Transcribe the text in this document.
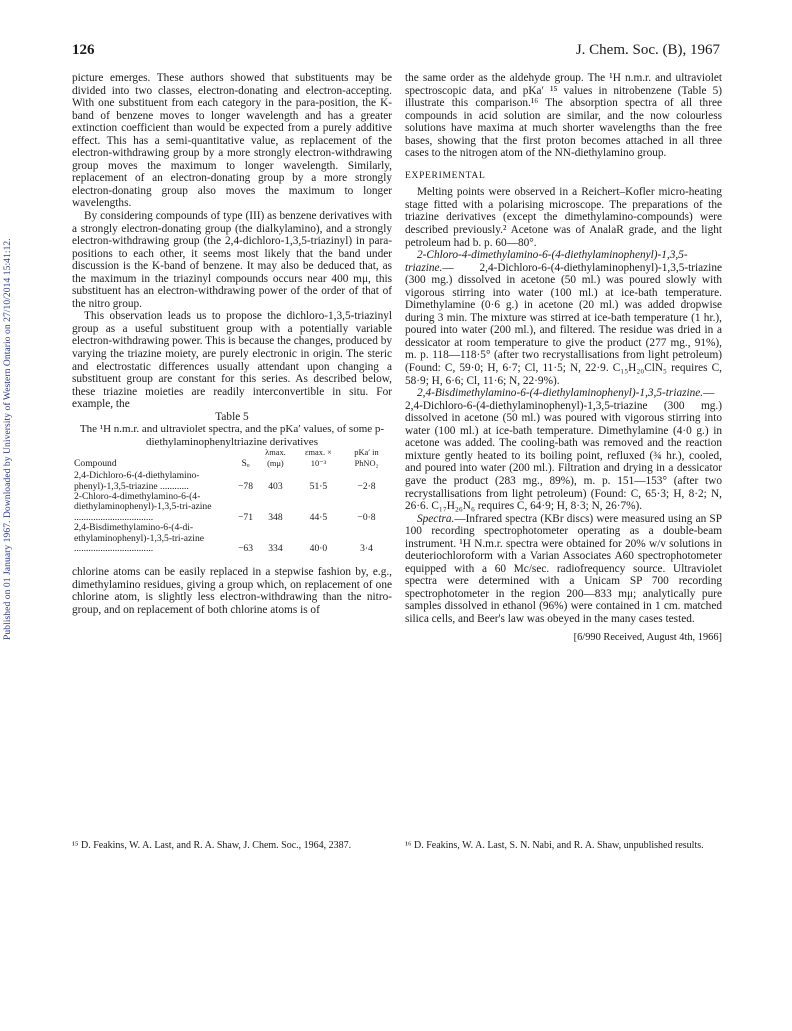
Published on 01 January 1967. Downloaded by University of Western Ontario on 27/10/2014 15:41:12.
126	J. Chem. Soc. (B), 1967

picture emerges. These authors showed that substituents may be divided into two classes, electron-donating and electron-accepting. With one substituent from each category in the para-position, the K-band of benzene moves to longer wavelength and has a greater extinction coefficient than would be expected from a purely additive effect. This has a semi-quantitative value, as replacement of the electron-withdrawing group by a more strongly electron-withdrawing group moves the maximum to longer wavelength. Similarly, replacement of an electron-donating group by a more strongly electron-donating group also moves the maximum to longer wavelengths.

By considering compounds of type (III) as benzene derivatives with a strongly electron-donating group (the dialkylamino), and a strongly electron-withdrawing group (the 2,4-dichloro-1,3,5-triazinyl) in para-positions to each other, it seems most likely that the band under discussion is the K-band of benzene. It may also be deduced that, as the maximum in the triazinyl compounds occurs near 400 mμ, this substituent has an electron-withdrawing power of the order of that of the nitro group.

This observation leads us to propose the dichloro-1,3,5-triazinyl group as a useful substituent group with a potentially variable electron-withdrawing power. This is because the changes, produced by varying the triazine moiety, are purely electronic in origin. The steric and electrostatic differences usually attendant upon changing a substituent group are constant for this series. As described below, these triazine moieties are readily interconvertible in situ. For example, the

Table 5

The ¹H n.m.r. and ultraviolet spectra, and the pKa′ values, of some p-diethylaminophenyltriazine derivatives

Compound	Sₒ	λmax. (mμ)	εmax. × 10⁻³	pKa′ in PhNO₂
2,4-Dichloro-6-(4-diethylamino-phenyl)-1,3,5-triazine ............	−78	403	51·5	−2·8
2-Chloro-4-dimethylamino-6-(4-diethylaminophenyl)-1,3,5-tri-azine .................................	−71	348	44·5	−0·8
2,4-Bisdimethylamino-6-(4-di-ethylaminophenyl)-1,3,5-tri-azine .................................	−63	334	40·0	3·4

chlorine atoms can be easily replaced in a stepwise fashion by, e.g., dimethylamino residues, giving a group which, on replacement of one chlorine atom, is slightly less electron-withdrawing than the nitro-group, and on replacement of both chlorine atoms is of

the same order as the aldehyde group. The ¹H n.m.r. and ultraviolet spectroscopic data, and pKa′ ¹⁵ values in nitrobenzene (Table 5) illustrate this comparison.¹⁶ The absorption spectra of all three compounds in acid solution are similar, and the now colourless solutions have maxima at much shorter wavelengths than the free bases, showing that the first proton becomes attached in all three cases to the nitrogen atom of the NN-diethylamino group.

EXPERIMENTAL

Melting points were observed in a Reichert–Kofler micro-heating stage fitted with a polarising microscope. The preparations of the triazine derivatives (except the dimethylamino-compounds) were described previously.² Acetone was of AnalaR grade, and the light petroleum had b. p. 60—80°.

2-Chloro-4-dimethylamino-6-(4-diethylaminophenyl)-1,3,5-triazine.— 2,4-Dichloro-6-(4-diethylaminophenyl)-1,3,5-triazine (300 mg.) dissolved in acetone (50 ml.) was poured slowly with vigorous stirring into water (100 ml.) at ice-bath temperature. Dimethylamine (0·6 g.) in acetone (20 ml.) was added dropwise during 3 min. The mixture was stirred at ice-bath temperature (1 hr.), poured into water (200 ml.), and filtered. The residue was dried in a dessicator at room temperature to give the product (277 mg., 91%), m. p. 118—118·5° (after two recrystallisations from light petroleum) (Found: C, 59·0; H, 6·7; Cl, 11·5; N, 22·9. C₁₅H₂₀ClN₅ requires C, 58·9; H, 6·6; Cl, 11·6; N, 22·9%).

2,4-Bisdimethylamino-6-(4-diethylaminophenyl)-1,3,5-triazine.— 2,4-Dichloro-6-(4-diethylaminophenyl)-1,3,5-triazine (300 mg.) dissolved in acetone (50 ml.) was poured with vigorous stirring into water (100 ml.) at ice-bath temperature. Dimethylamine (4·0 g.) in acetone was added. The cooling-bath was removed and the reaction mixture gently heated to its boiling point, refluxed (¾ hr.), cooled, and poured into water (200 ml.). Filtration and drying in a dessicator gave the product (283 mg., 89%), m. p. 151—153° (after two recrystallisations from light petroleum) (Found: C, 65·3; H, 8·2; N, 26·6. C₁₇H₂₆N₆ requires C, 64·9; H, 8·3; N, 26·7%).

Spectra.—Infrared spectra (KBr discs) were measured using an SP 100 recording spectrophotometer operating as a double-beam instrument. ¹H N.m.r. spectra were obtained for 20% w/v solutions in deuteriochloroform with a Varian Associates A60 spectrophotometer equipped with a 60 Mc/sec. radiofrequency source. Ultraviolet spectra were determined with a Unicam SP 700 recording spectrophotometer in the region 200—833 mμ; analytically pure samples dissolved in ethanol (96%) were contained in 1 cm. matched silica cells, and Beer's law was obeyed in the many cases tested.

[6/990 Received, August 4th, 1966]

¹⁵ D. Feakins, W. A. Last, and R. A. Shaw, J. Chem. Soc., 1964, 2387.	¹⁶ D. Feakins, W. A. Last, S. N. Nabi, and R. A. Shaw, unpublished results.
